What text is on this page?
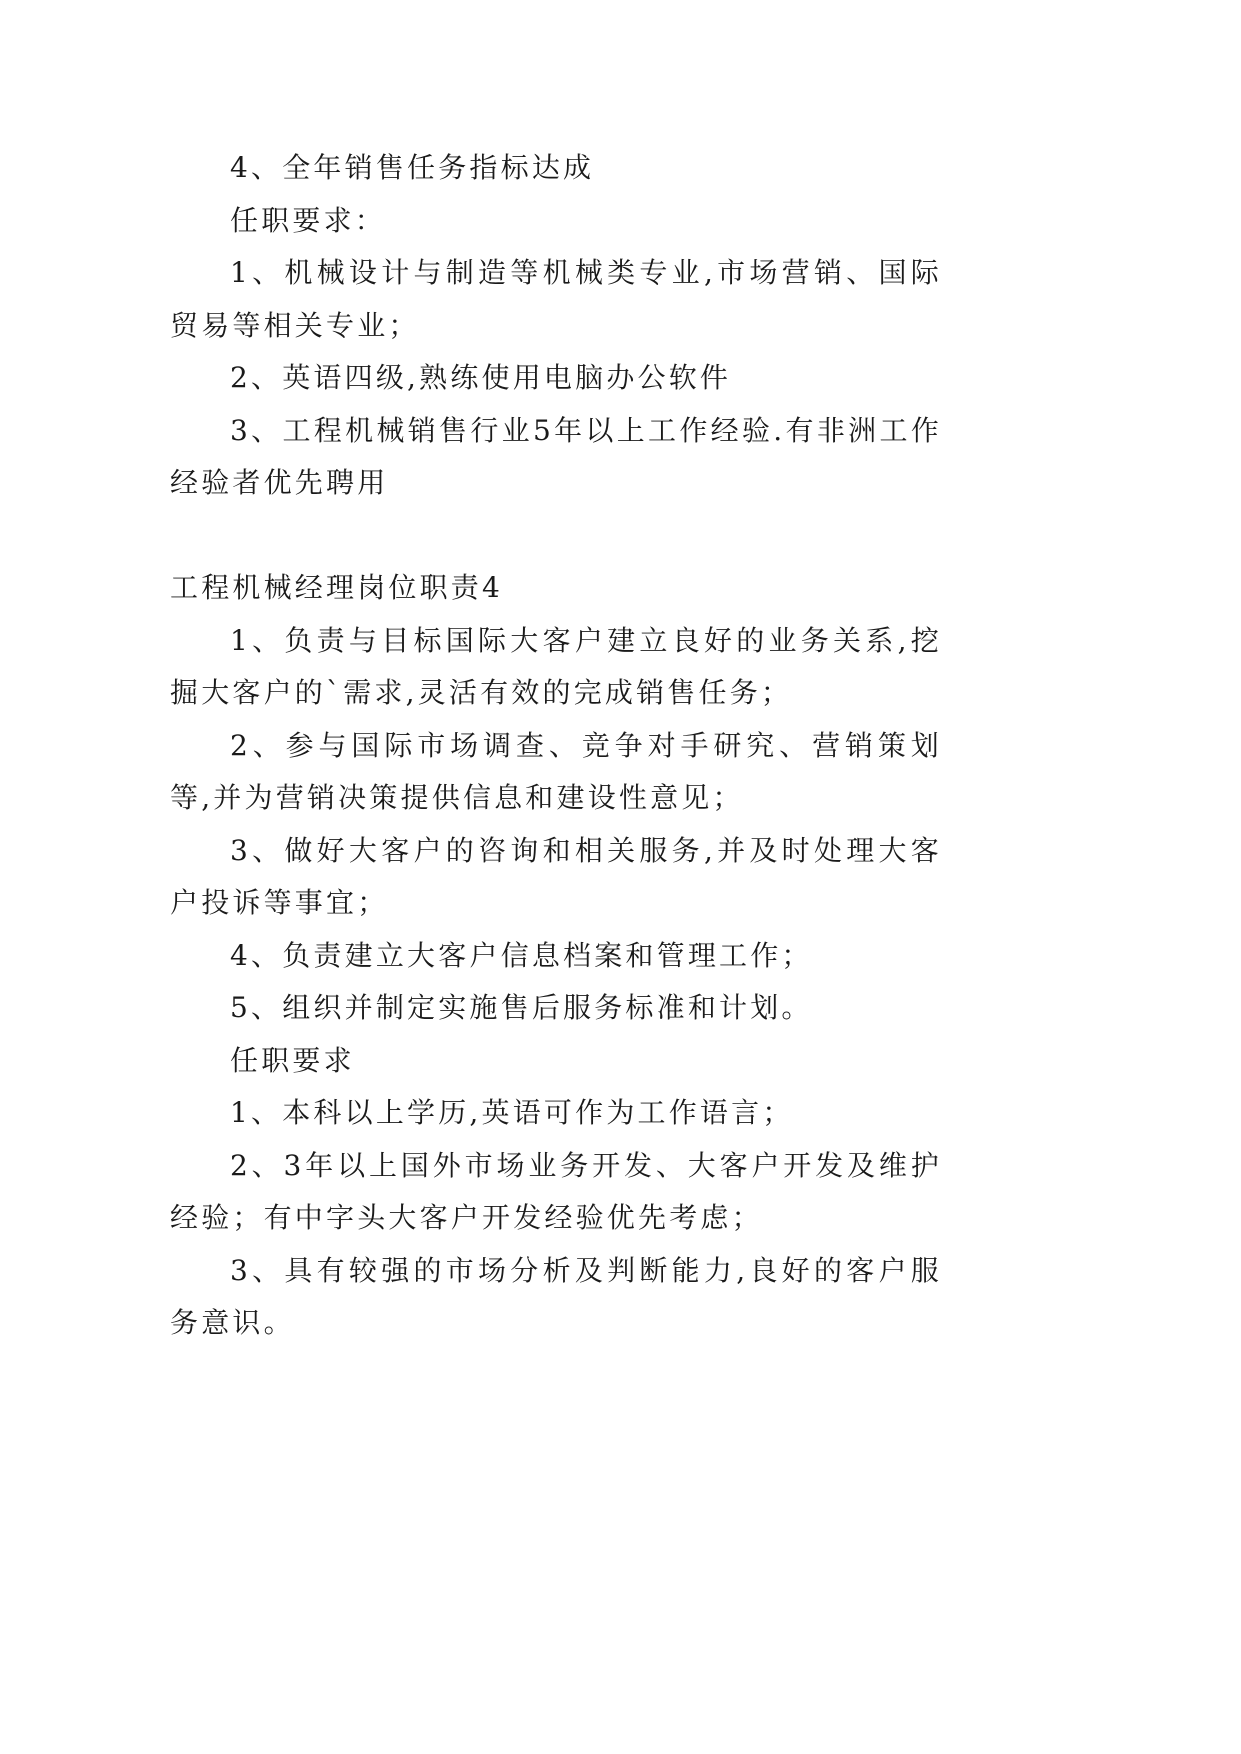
4、全年销售任务指标达成

任职要求：

1、机械设计与制造等机械类专业,市场营销、国际贸易等相关专业；

2、英语四级,熟练使用电脑办公软件

3、工程机械销售行业5年以上工作经验.有非洲工作经验者优先聘用

工程机械经理岗位职责4

1、负责与目标国际大客户建立良好的业务关系,挖掘大客户的`需求,灵活有效的完成销售任务；

2、参与国际市场调查、竞争对手研究、营销策划等,并为营销决策提供信息和建设性意见；

3、做好大客户的咨询和相关服务,并及时处理大客户投诉等事宜；

4、负责建立大客户信息档案和管理工作；

5、组织并制定实施售后服务标准和计划。

任职要求

1、本科以上学历,英语可作为工作语言；

2、3年以上国外市场业务开发、大客户开发及维护经验；有中字头大客户开发经验优先考虑；

3、具有较强的市场分析及判断能力,良好的客户服务意识。
